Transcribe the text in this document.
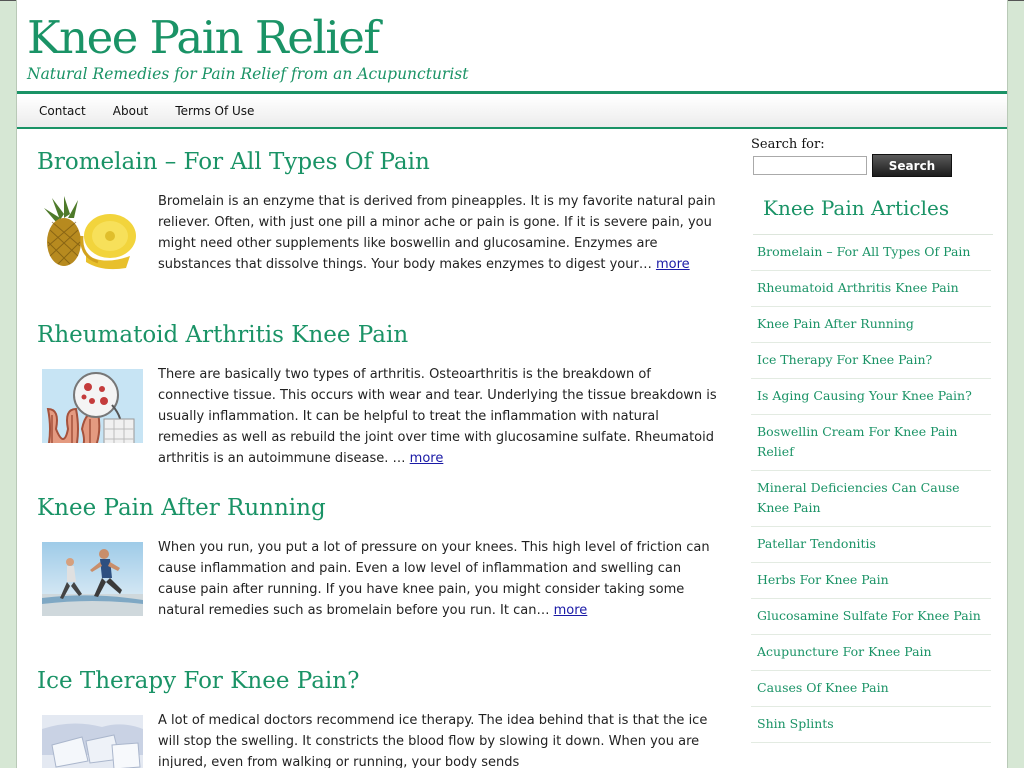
Knee Pain Relief
Natural Remedies for Pain Relief from an Acupuncturist
Contact About Terms Of Use
Bromelain – For All Types Of Pain
Bromelain is an enzyme that is derived from pineapples. It is my favorite natural pain reliever. Often, with just one pill a minor ache or pain is gone. If it is severe pain, you might need other supplements like boswellin and glucosamine. Enzymes are substances that dissolve things. Your body makes enzymes to digest your… more
Rheumatoid Arthritis Knee Pain
There are basically two types of arthritis. Osteoarthritis is the breakdown of connective tissue. This occurs with wear and tear. Underlying the tissue breakdown is usually inflammation. It can be helpful to treat the inflammation with natural remedies as well as rebuild the joint over time with glucosamine sulfate. Rheumatoid arthritis is an autoimmune disease. … more
Knee Pain After Running
When you run, you put a lot of pressure on your knees. This high level of friction can cause inflammation and pain. Even a low level of inflammation and swelling can cause pain after running. If you have knee pain, you might consider taking some natural remedies such as bromelain before you run. It can… more
Ice Therapy For Knee Pain?
A lot of medical doctors recommend ice therapy. The idea behind that is that the ice will stop the swelling. It constricts the blood flow by slowing it down. When you are injured, even from walking or running, your body sends
Search for:
Search
Knee Pain Articles
Bromelain – For All Types Of Pain
Rheumatoid Arthritis Knee Pain
Knee Pain After Running
Ice Therapy For Knee Pain?
Is Aging Causing Your Knee Pain?
Boswellin Cream For Knee Pain Relief
Mineral Deficiencies Can Cause Knee Pain
Patellar Tendonitis
Herbs For Knee Pain
Glucosamine Sulfate For Knee Pain
Acupuncture For Knee Pain
Causes Of Knee Pain
Shin Splints
